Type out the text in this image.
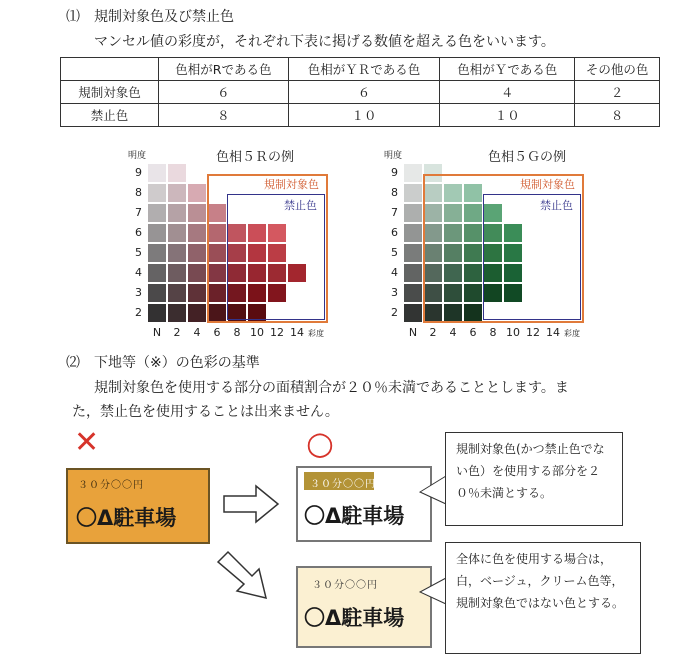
⑴　規制対象色及び禁止色
マンセル値の彩度が，それぞれ下表に掲げる数値を超える色をいいます。
	色相がRである色	色相がＹＲである色	色相がＹである色	その他の色
規制対象色	６	６	４	２
禁止色	８	１０	１０	８
明度	色相５Ｒの例
9
8
7
6
5
4
3
2
N	2	4	6	8 10 12 14 彩度
規制対象色
禁止色
明度	色相５Ｇの例
9
8
7
6
5
4
3
2
N	2	4	6	8 10 12 14 彩度
規制対象色
禁止色
⑵　下地等（※）の色彩の基準
規制対象色を使用する部分の面積割合が２０％未満であることとします。ま
た，禁止色を使用することは出来ません。
✕
３０分〇〇円
〇Δ駐車場
○
３０分〇〇円
〇Δ駐車場
３０分〇〇円
〇Δ駐車場
規制対象色(かつ禁止色でない色）を使用する部分を２０％未満とする。
全体に色を使用する場合は，白，ベージュ，クリーム色等，規制対象色ではない色とする。
